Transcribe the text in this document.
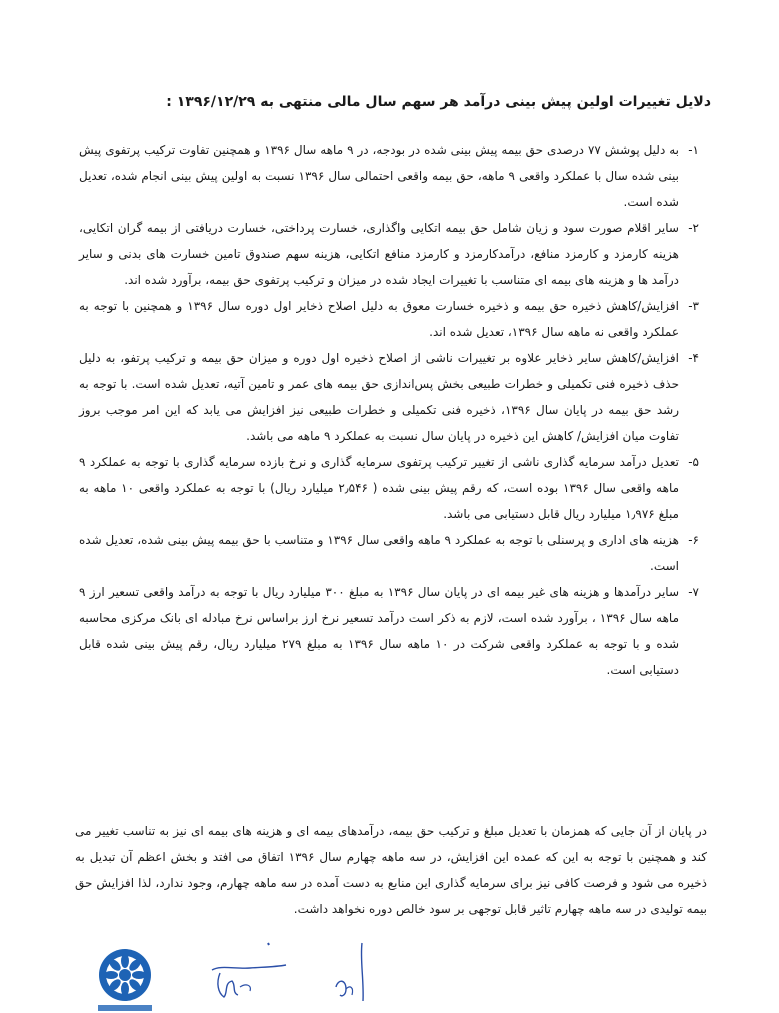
دلایل تغییرات اولین پیش بینی درآمد هر سهم سال مالی منتهی به ۱۳۹۶/۱۲/۲۹ :
۱-
به دلیل پوشش ۷۷ درصدی حق بیمه پیش بینی شده در بودجه، در ۹ ماهه سال ۱۳۹۶ و همچنین تفاوت ترکیب پرتفوی پیش بینی شده سال با عملکرد واقعی ۹ ماهه، حق بیمه واقعی احتمالی سال ۱۳۹۶ نسبت به اولین پیش بینی انجام شده، تعدیل شده است.
۲-
سایر اقلام صورت سود و زیان شامل حق بیمه اتکایی واگذاری، خسارت پرداختی، خسارت دریافتی از بیمه گران اتکایی، هزینه کارمزد و کارمزد منافع، درآمدکارمزد و کارمزد منافع اتکایی، هزینه سهم صندوق تامین خسارت های بدنی و سایر درآمد ها و هزینه های بیمه ای متناسب با تغییرات ایجاد شده در میزان و ترکیب پرتفوی حق بیمه، برآورد شده اند.
۳-
افزایش/کاهش ذخیره حق بیمه و ذخیره خسارت معوق به دلیل اصلاح ذخایر اول دوره سال ۱۳۹۶ و همچنین با توجه به عملکرد واقعی نه ماهه سال ۱۳۹۶، تعدیل شده اند.
۴-
افزایش/کاهش سایر ذخایر علاوه بر تغییرات ناشی از اصلاح ذخیره اول دوره و میزان حق بیمه و ترکیب پرتفو، به دلیل حذف ذخیره فنی تکمیلی و خطرات طبیعی بخش پس‌اندازی حق بیمه های عمر و تامین آتیه، تعدیل شده است. با توجه به رشد حق بیمه در پایان سال ۱۳۹۶، ذخیره فنی تکمیلی و خطرات طبیعی نیز افزایش می یابد که این امر موجب بروز تفاوت میان افزایش/ کاهش این ذخیره در پایان سال نسبت به عملکرد ۹ ماهه می باشد.
۵-
تعدیل درآمد سرمایه گذاری ناشی از تغییر ترکیب پرتفوی سرمایه گذاری و نرخ بازده سرمایه گذاری با توجه به عملکرد ۹ ماهه واقعی سال ۱۳۹۶ بوده است، که رقم پیش بینی شده ( ۲٫۵۴۶ میلیارد ریال) با توجه به عملکرد واقعی ۱۰ ماهه به مبلغ ۱٫۹۷۶ میلیارد ریال قابل دستیابی می باشد.
۶-
هزینه های اداری و پرسنلی با توجه به عملکرد ۹ ماهه واقعی سال ۱۳۹۶ و متناسب با حق بیمه پیش بینی شده، تعدیل شده است.
۷-
سایر درآمدها و هزینه های غیر بیمه ای در پایان سال ۱۳۹۶ به مبلغ ۳۰۰ میلیارد ریال با توجه به درآمد واقعی تسعیر ارز ۹ ماهه سال ۱۳۹۶ ، برآورد شده است، لازم به ذکر است درآمد تسعیر نرخ ارز براساس نرخ مبادله ای بانک مرکزی محاسبه شده و با توجه به عملکرد واقعی شرکت در ۱۰ ماهه سال ۱۳۹۶ به مبلغ ۲۷۹ میلیارد ریال، رقم پیش بینی شده قابل دستیابی است.

در پایان از آن جایی که همزمان با تعدیل مبلغ و ترکیب حق بیمه، درآمدهای بیمه ای و هزینه های بیمه ای نیز به تناسب تغییر می کند و همچنین با توجه به این که عمده این افزایش، در سه ماهه چهارم سال ۱۳۹۶ اتفاق می افتد و بخش اعظم آن تبدیل به ذخیره می شود و فرصت کافی نیز برای سرمایه گذاری این منابع به دست آمده در سه ماهه چهارم، وجود ندارد، لذا افزایش حق بیمه تولیدی در سه ماهه چهارم تاثیر قابل توجهی بر سود خالص دوره نخواهد داشت.
